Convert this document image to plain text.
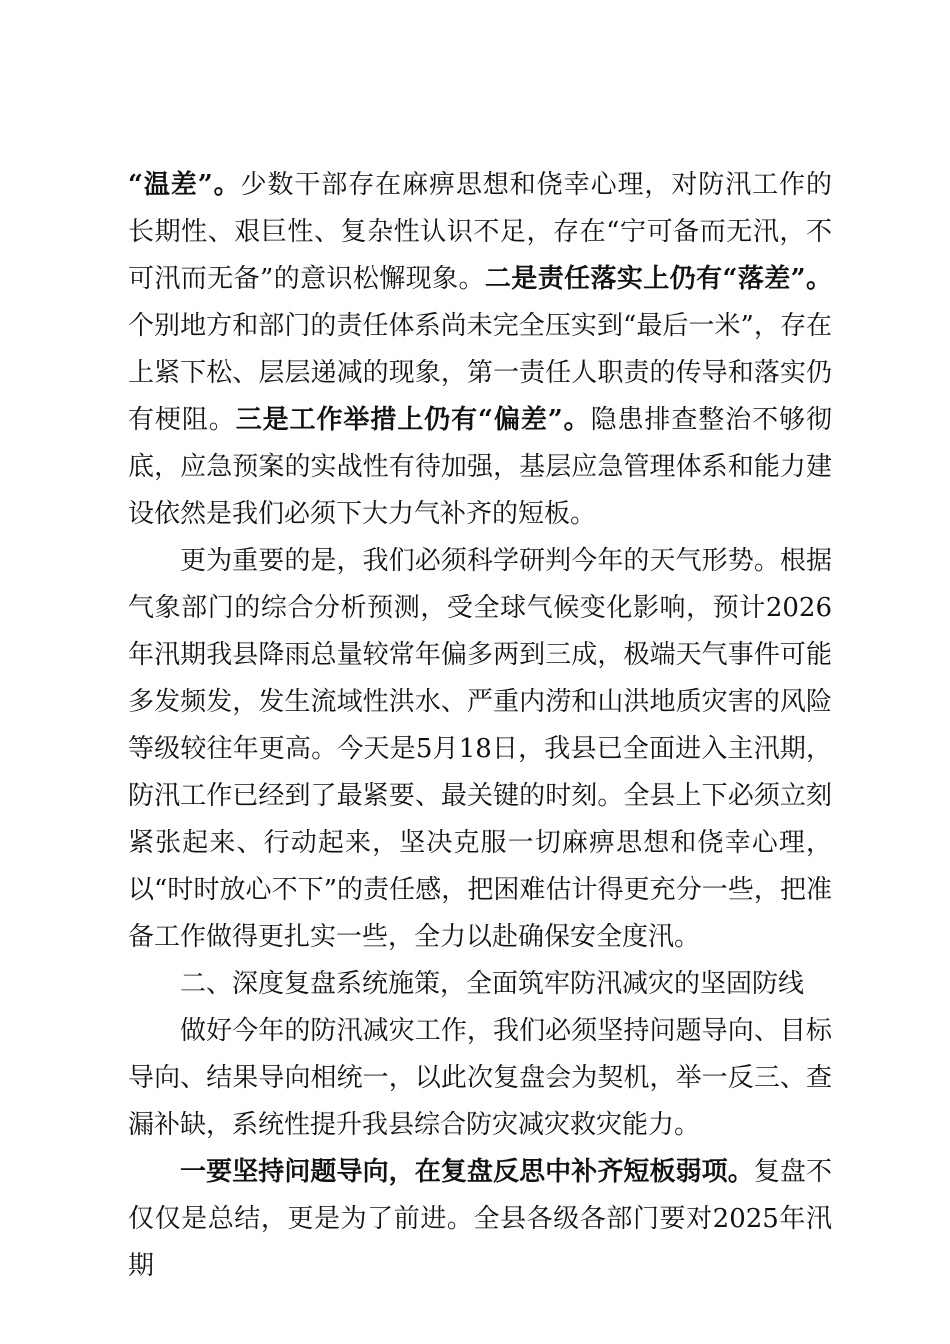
“温差”。少数干部存在麻痹思想和侥幸心理，对防汛工作的长期性、艰巨性、复杂性认识不足，存在“宁可备而无汛，不可汛而无备”的意识松懈现象。二是责任落实上仍有“落差”。个别地方和部门的责任体系尚未完全压实到“最后一米”，存在上紧下松、层层递减的现象，第一责任人职责的传导和落实仍有梗阻。三是工作举措上仍有“偏差”。隐患排查整治不够彻底，应急预案的实战性有待加强，基层应急管理体系和能力建设依然是我们必须下大力气补齐的短板。

更为重要的是，我们必须科学研判今年的天气形势。根据气象部门的综合分析预测，受全球气候变化影响，预计2026年汛期我县降雨总量较常年偏多两到三成，极端天气事件可能多发频发，发生流域性洪水、严重内涝和山洪地质灾害的风险等级较往年更高。今天是5月18日，我县已全面进入主汛期，防汛工作已经到了最紧要、最关键的时刻。全县上下必须立刻紧张起来、行动起来，坚决克服一切麻痹思想和侥幸心理，以“时时放心不下”的责任感，把困难估计得更充分一些，把准备工作做得更扎实一些，全力以赴确保安全度汛。

二、深度复盘系统施策，全面筑牢防汛减灾的坚固防线

做好今年的防汛减灾工作，我们必须坚持问题导向、目标导向、结果导向相统一，以此次复盘会为契机，举一反三、查漏补缺，系统性提升我县综合防灾减灾救灾能力。

一要坚持问题导向，在复盘反思中补齐短板弱项。复盘不仅仅是总结，更是为了前进。全县各级各部门要对2025年汛期
